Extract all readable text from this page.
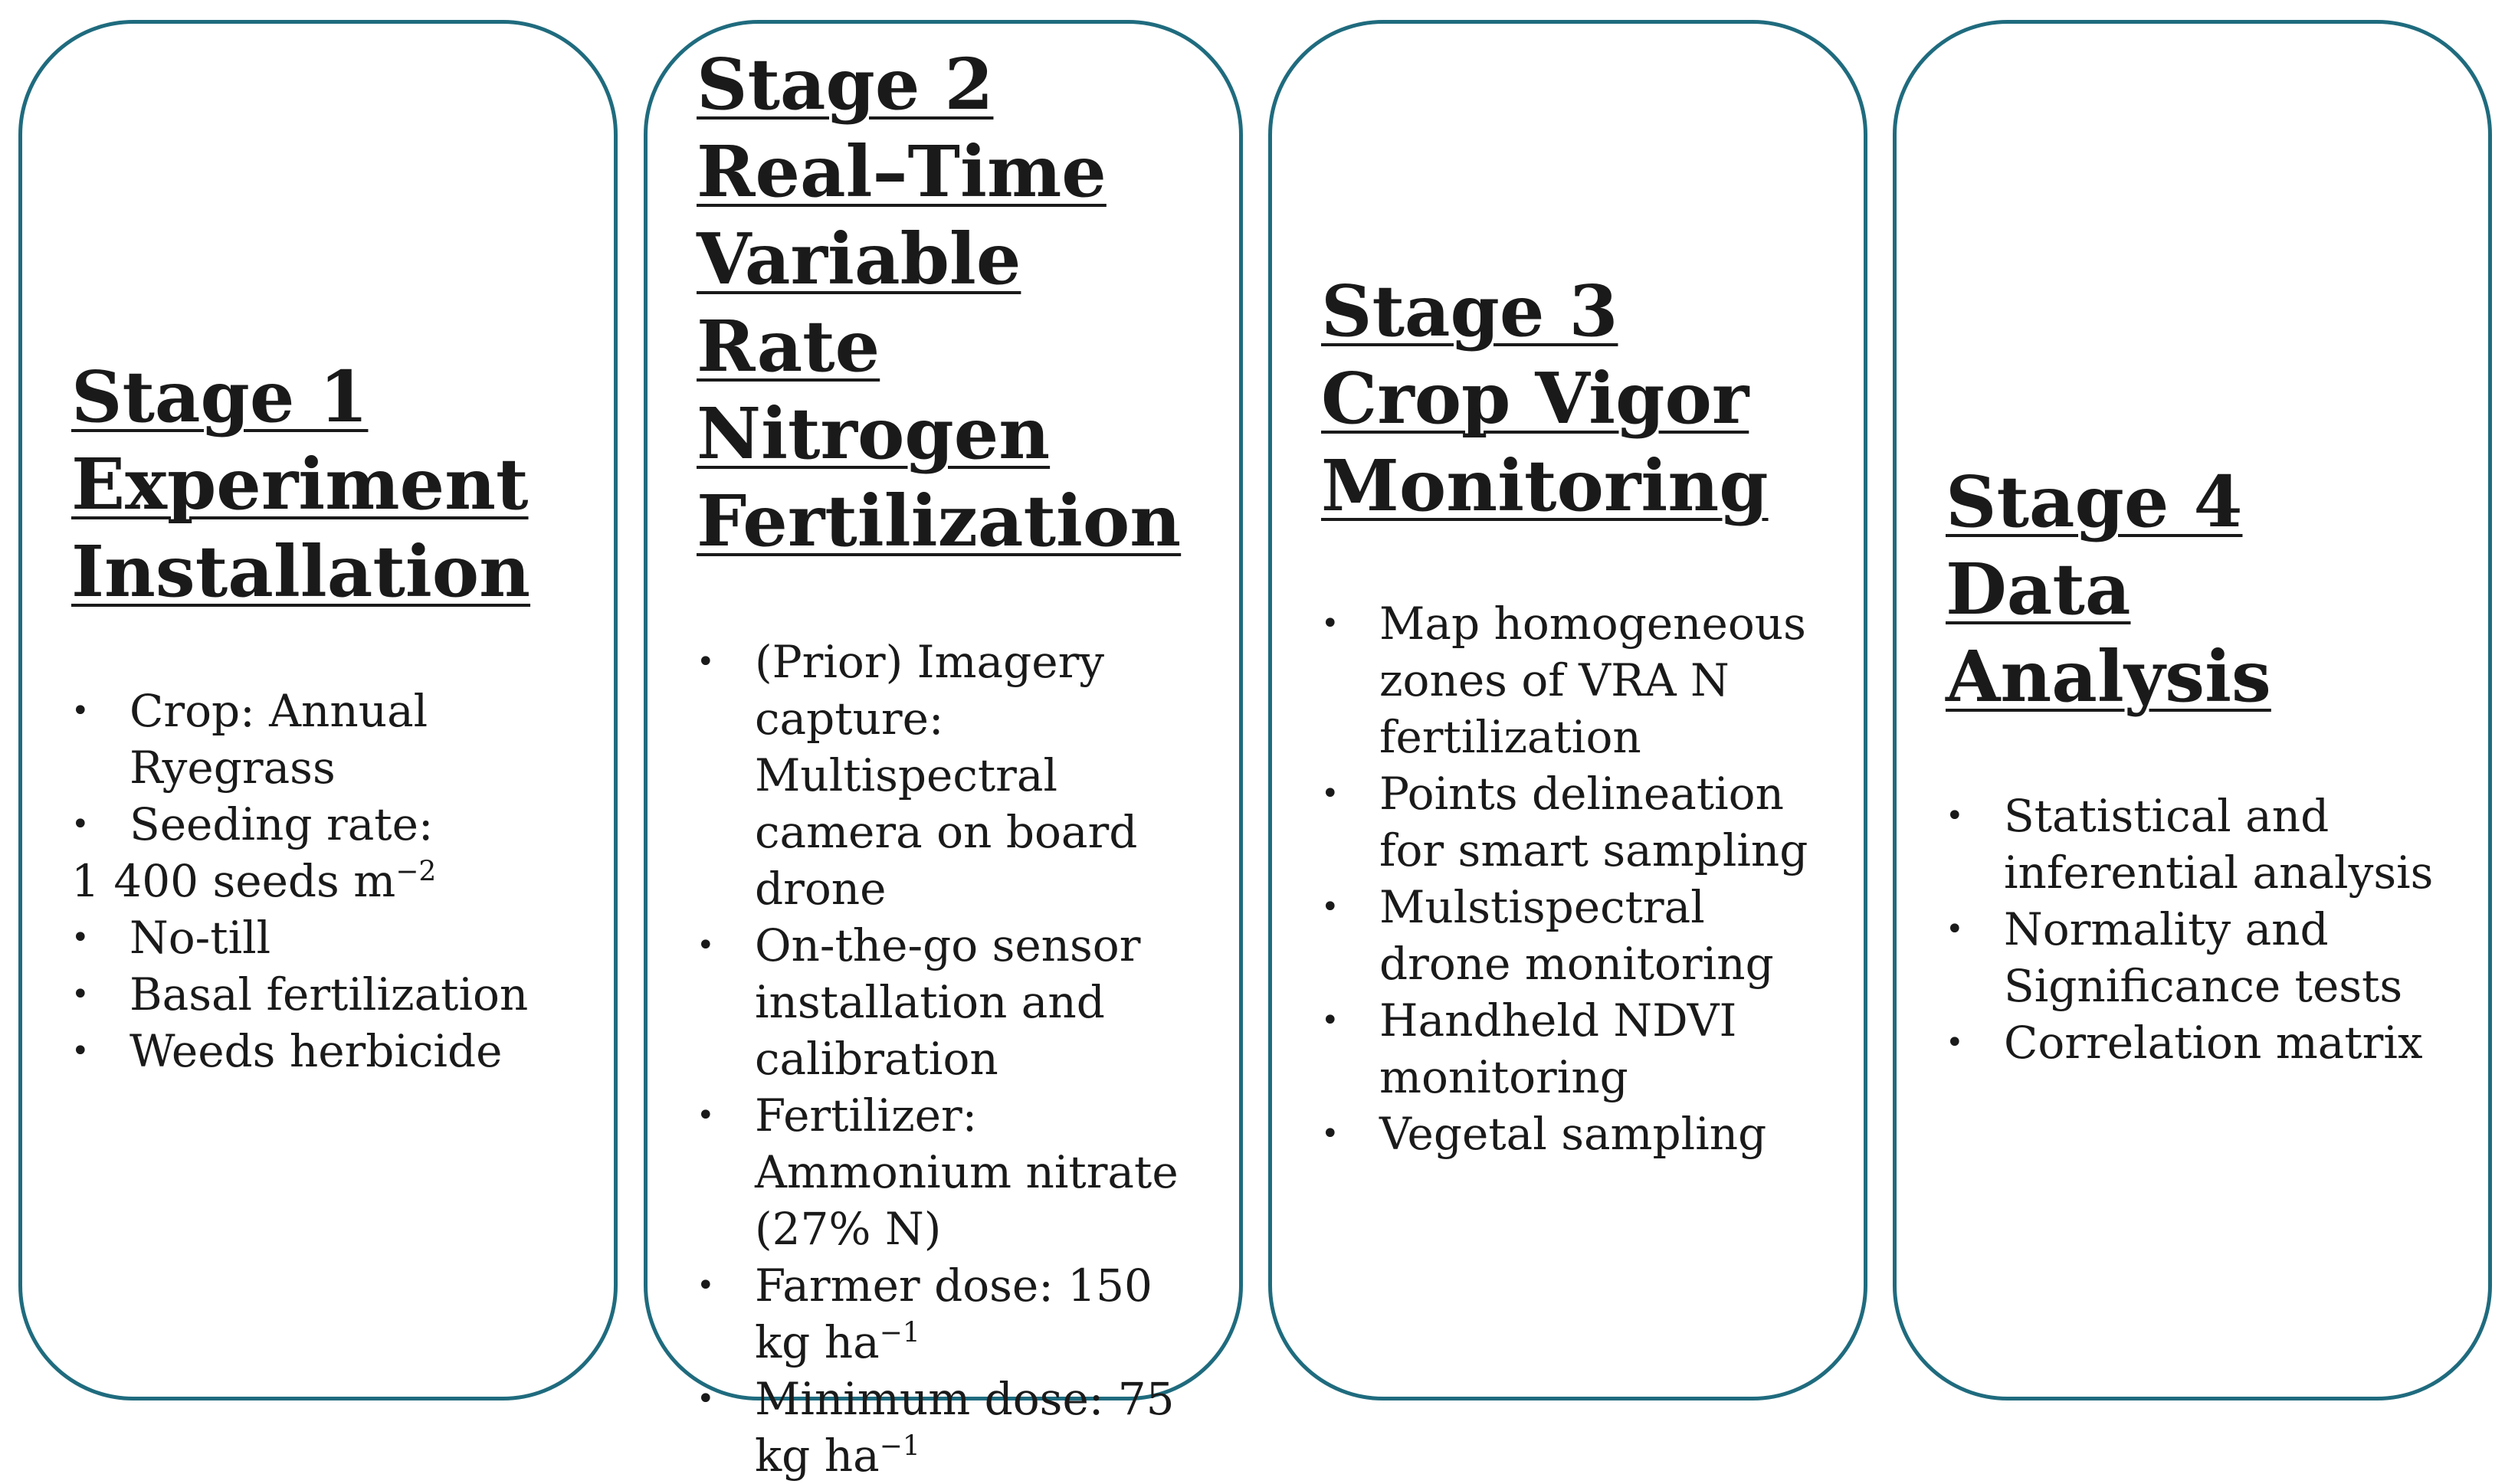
Stage 1
Experiment
Installation
• Crop: Annual Ryegrass
• Seeding rate:
1 400 seeds $m^{-2}$
• No-till
• Basal fertilization
• Weeds herbicide
Stage 2
Real–Time
Variable Rate
Nitrogen
Fertilization
• (Prior) Imagery capture: Multispectral camera on board drone
• On-the-go sensor installation and calibration
• Fertilizer: Ammonium nitrate (27% N)
• Farmer dose: 150 kg $ha^{-1}$
• Minimum dose: 75 kg $ha^{-1}$
Stage 3
Crop Vigor
Monitoring
• Map homogeneous zones of VRA N fertilization
• Points delineation for smart sampling
• Mulstispectral drone monitoring
• Handheld NDVI monitoring
• Vegetal sampling
Stage 4
Data Analysis
• Statistical and inferential analysis
• Normality and Significance tests
• Correlation matrix
